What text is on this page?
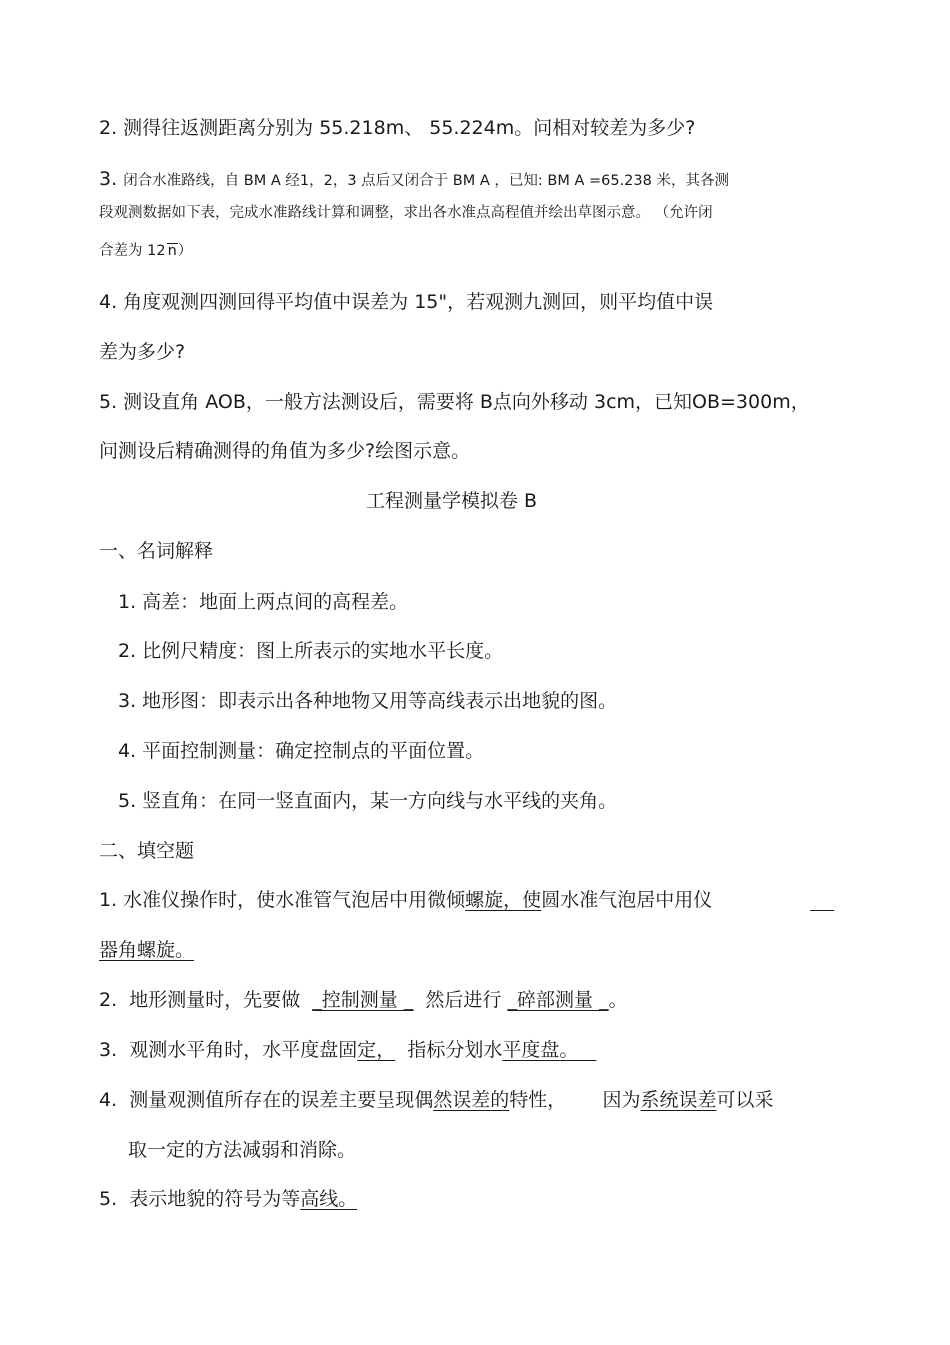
2. 测得往返测距离分别为 55.218m、 55.224m。问相对较差为多少?
3. 闭合水准路线，自 BM A 经1，2，3 点后又闭合于 BM A ，已知: BM A =65.238 米，其各测
段观测数据如下表，完成水准路线计算和调整，求出各水准点高程值并绘出草图示意。 （允许闭
合差为 12 n）
4. 角度观测四测回得平均值中误差为 15"，若观测九测回，则平均值中误
差为多少?
5. 测设直角 AOB，一般方法测设后，需要将 B点向外移动 3cm，已知OB=300m，
问测设后精确测得的角值为多少?绘图示意。
工程测量学模拟卷 B
一、名词解释
1. 高差：地面上两点间的高程差。
2. 比例尺精度：图上所表示的实地水平长度。
3. 地形图：即表示出各种地物又用等高线表示出地貌的图。
4. 平面控制测量：确定控制点的平面位置。
5. 竖直角：在同一竖直面内，某一方向线与水平线的夹角。
二、填空题
1. 水准仪操作时，使水准管气泡居中用微倾螺旋，使圆水准气泡居中用仪

器角螺旋。
2.  地形测量时，先要做  _控制测量 _  然后进行 _碎部测量 _。
3.  观测水平角时，水平度盘固定，  指标分划水平度盘。
4.  测量观测值所存在的误差主要呈现偶然误差的特性，      因为系统误差可以采
取一定的方法减弱和消除。
5.  表示地貌的符号为等高线。
